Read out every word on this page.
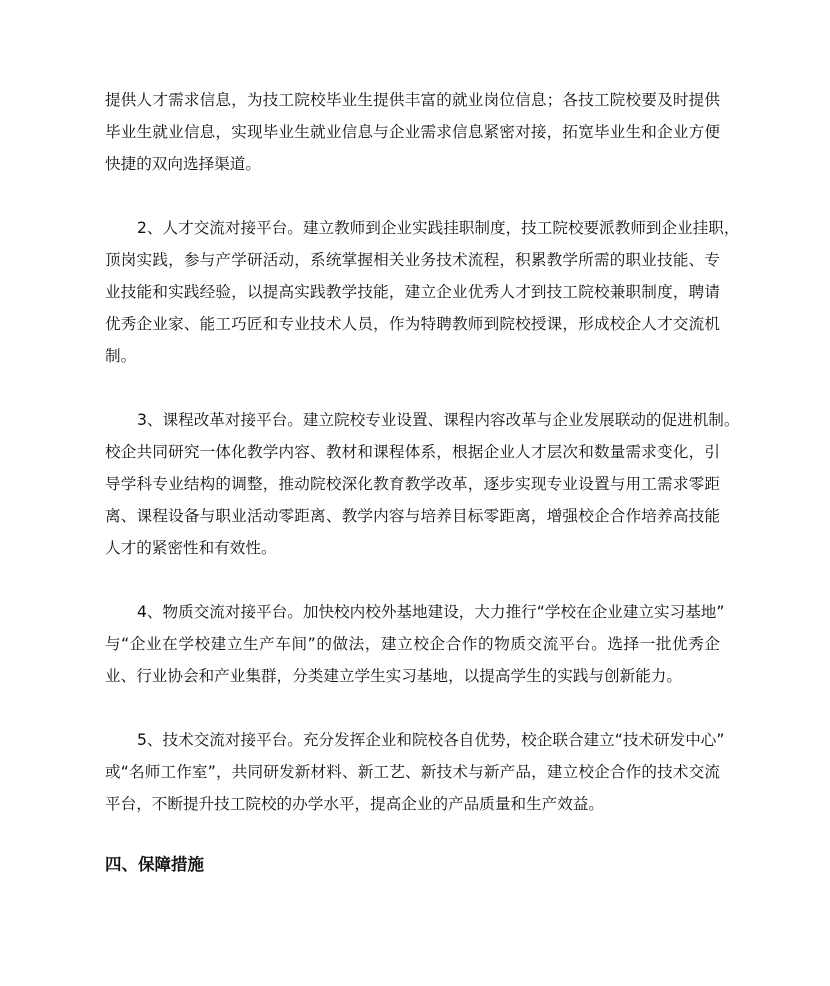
提供人才需求信息，为技工院校毕业生提供丰富的就业岗位信息；各技工院校要及时提供
毕业生就业信息，实现毕业生就业信息与企业需求信息紧密对接，拓宽毕业生和企业方便
快捷的双向选择渠道。
2、人才交流对接平台。建立教师到企业实践挂职制度，技工院校要派教师到企业挂职，
顶岗实践，参与产学研活动，系统掌握相关业务技术流程，积累教学所需的职业技能、专
业技能和实践经验，以提高实践教学技能，建立企业优秀人才到技工院校兼职制度，聘请
优秀企业家、能工巧匠和专业技术人员，作为特聘教师到院校授课，形成校企人才交流机
制。
3、课程改革对接平台。建立院校专业设置、课程内容改革与企业发展联动的促进机制。
校企共同研究一体化教学内容、教材和课程体系，根据企业人才层次和数量需求变化，引
导学科专业结构的调整，推动院校深化教育教学改革，逐步实现专业设置与用工需求零距
离、课程设备与职业活动零距离、教学内容与培养目标零距离，增强校企合作培养高技能
人才的紧密性和有效性。
4、物质交流对接平台。加快校内校外基地建设，大力推行“学校在企业建立实习基地”
与“企业在学校建立生产车间”的做法，建立校企合作的物质交流平台。选择一批优秀企
业、行业协会和产业集群，分类建立学生实习基地，以提高学生的实践与创新能力。
5、技术交流对接平台。充分发挥企业和院校各自优势，校企联合建立“技术研发中心”
或“名师工作室”，共同研发新材料、新工艺、新技术与新产品，建立校企合作的技术交流
平台，不断提升技工院校的办学水平，提高企业的产品质量和生产效益。
四、保障措施
